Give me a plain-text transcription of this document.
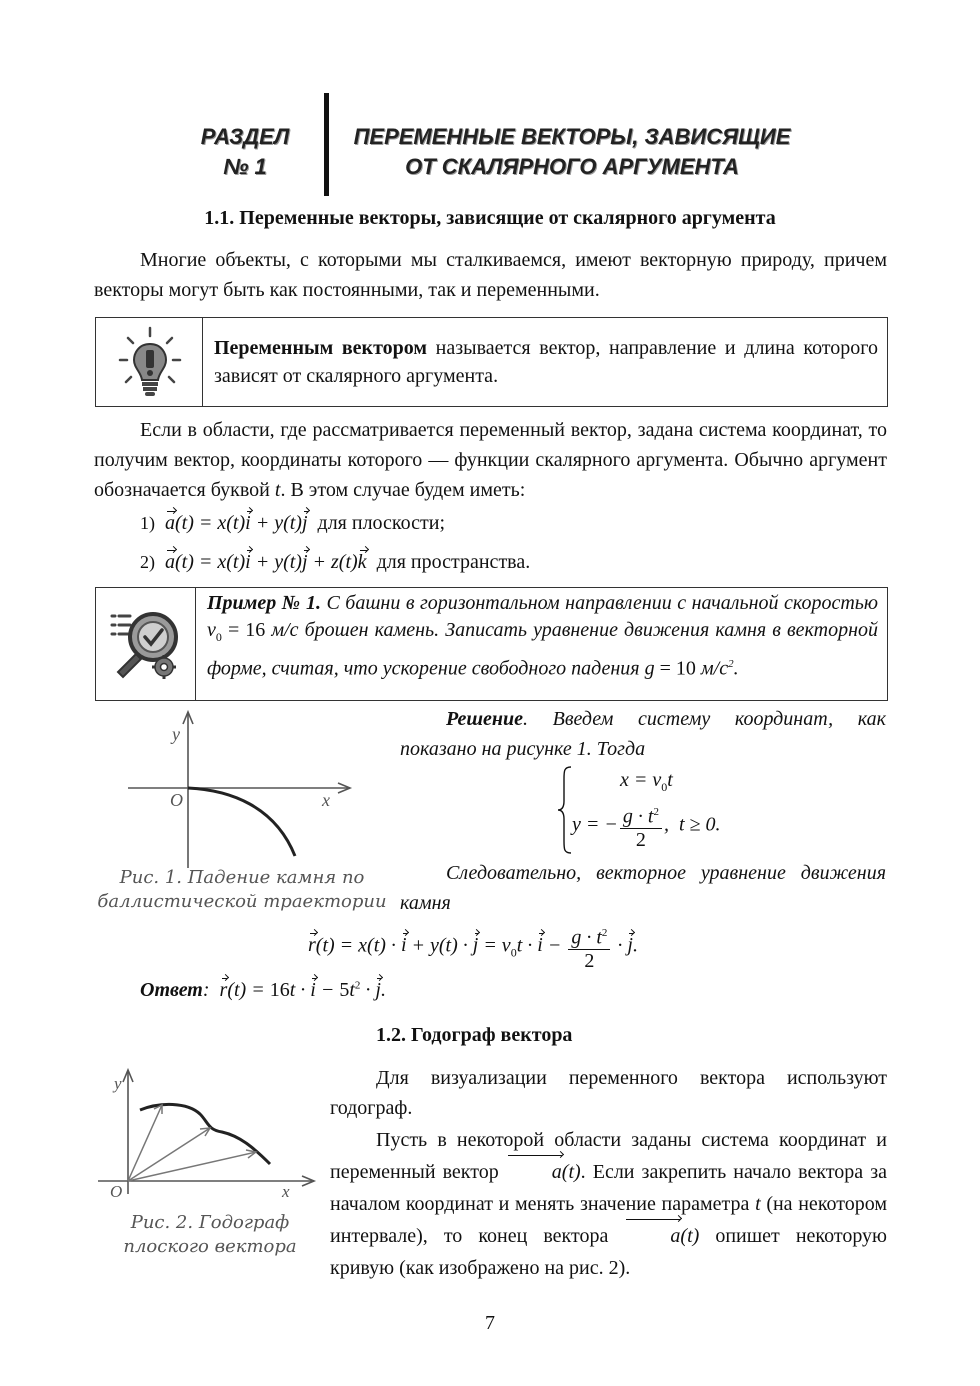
РАЗДЕЛ
№ 1
ПЕРЕМЕННЫЕ ВЕКТОРЫ, ЗАВИСЯЩИЕ
ОТ СКАЛЯРНОГО АРГУМЕНТА
1.1. Переменные векторы, зависящие от скалярного аргумента
Многие объекты, с которыми мы сталкиваемся, имеют векторную природу, причем векторы могут быть как постоянными, так и переменными.
Переменным вектором называется вектор, направление и длина которого зависят от скалярного аргумента.
Если в области, где рассматривается переменный вектор, задана система координат, то получим вектор, координаты которого — функции скалярного аргумента. Обычно аргумент обозначается буквой t. В этом случае будем иметь:
1) a(t) = x(t)i + y(t)j для плоскости;
2) a(t) = x(t)i + y(t)j + z(t)k для пространства.
Пример № 1. С башни в горизонтальном направлении с начальной скоростью $v_0 = 16$ м/с брошен камень. Записать уравнение движения камня в векторной форме, считая, что ускорение свободного падения g = 10 $м/с^2$.
y
x
O
Рис. 1. Падение камня по
баллистической траектории
Решение. Введем систему координат, как показано на рисунке 1. Тогда
$x = v_0t$
y = − $\frac{g \cdot t^2}{2}$ ,  t ≥ 0.
Следовательно, векторное уравнение движения камня
$r(t) = x(t) \cdot i + y(t) \cdot j = v_0t \cdot i - \frac{g \cdot t^2}{2} \cdot j$.
Ответ: $r(t) = 16t \cdot i - 5t^2 \cdot j$.
1.2. Годограф вектора
y
x
O
Рис. 2. Годограф
плоского вектора
Для визуализации переменного вектора используют годограф.
Пусть в некоторой области заданы система координат и переменный вектор a(t). Если закрепить начало вектора за началом координат и менять значение параметра t (на некотором интервале), то конец вектора a(t) опишет некоторую кривую (как изображено на рис. 2).
7
